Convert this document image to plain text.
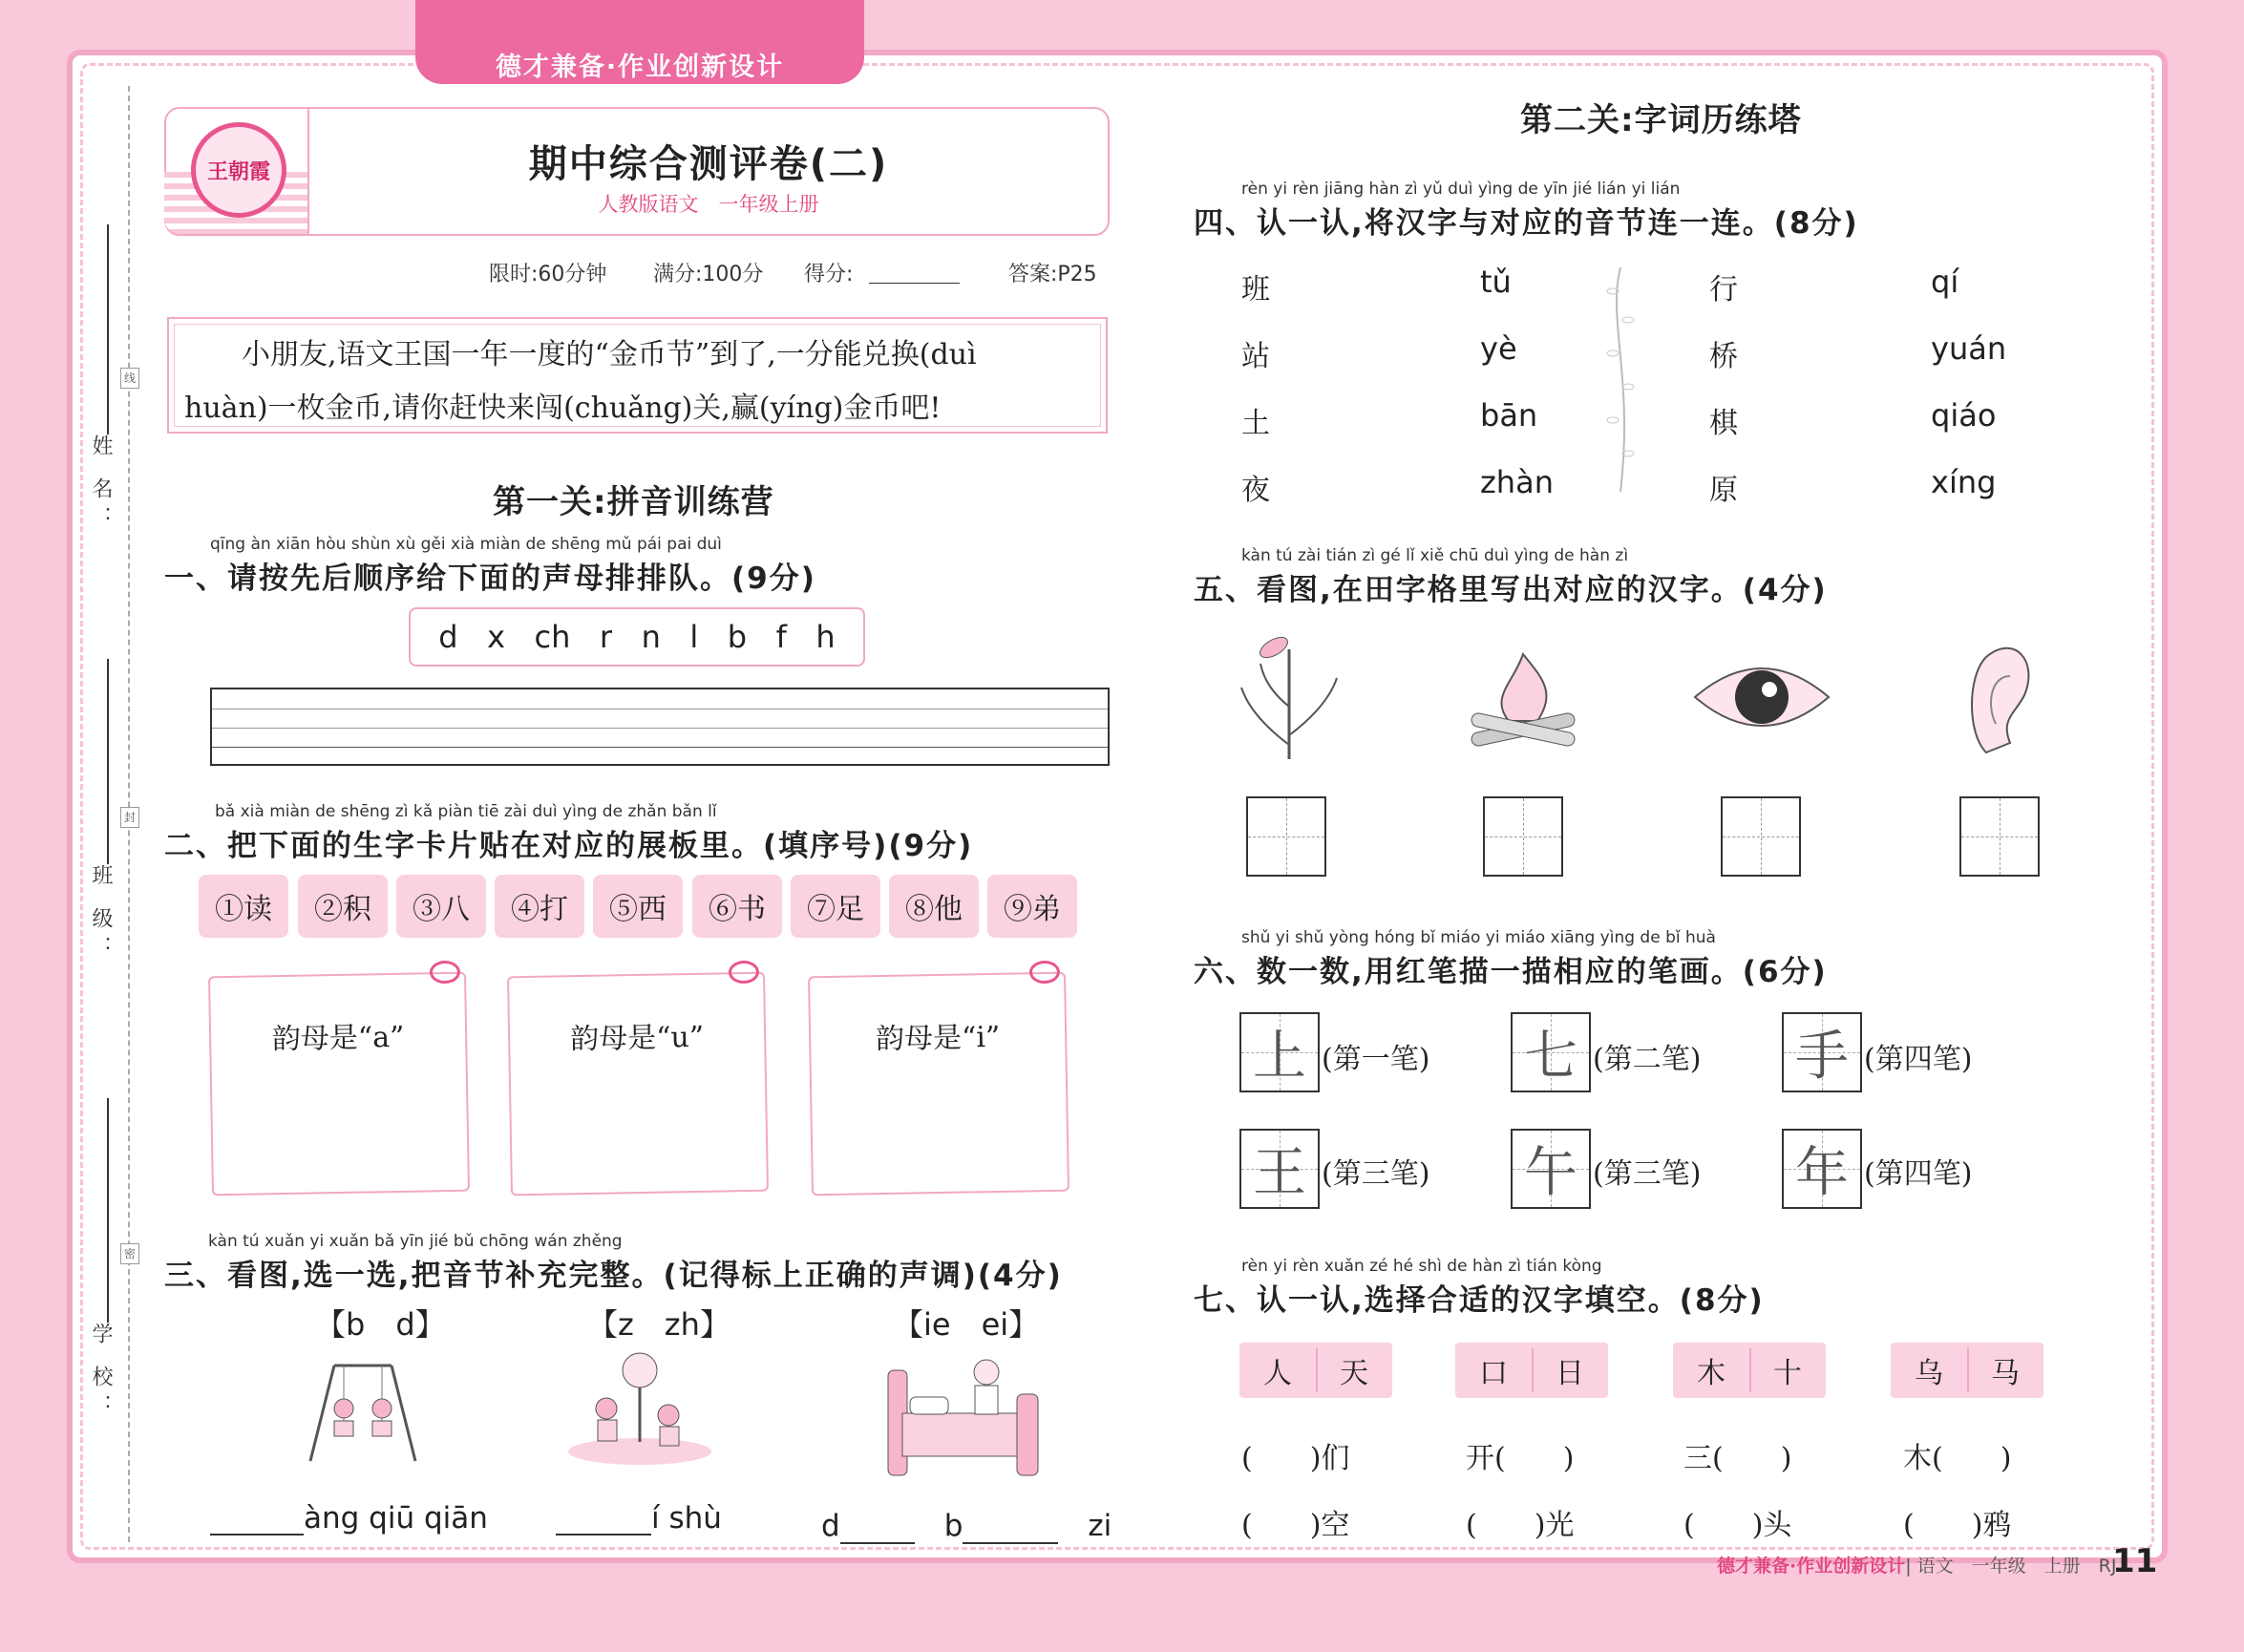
德才兼备·作业创新设计
姓 名：
班 级：
学 校：
线
封
密
王朝霞	期中综合测评卷(二)
人教版语文　一年级上册
限时:60分钟 满分:100分 得分:	答案:P25
　　小朋友,语文王国一年一度的“金币节”到了,一分能兑换(duì
huàn)一枚金币,请你赶快来闯(chuǎng)关,赢(yíng)金币吧!
第一关:拼音训练营
qīng àn xiān hòu shùn xù gěi xià miàn de shēng mǔ pái pai duì
一、请按先后顺序给下面的声母排排队。(9分)
d x ch r n l b f h
bǎ xià miàn de shēng zì kǎ piàn tiē zài duì yìng de zhǎn bǎn lǐ
二、把下面的生字卡片贴在对应的展板里。(填序号)(9分)
①读	②积	③八	④打	⑤西	⑥书	⑦足	⑧他	⑨弟
韵母是“a”	韵母是“u”	韵母是“i”
kàn tú xuǎn yi xuǎn bǎ yīn jié bǔ chōng wán zhěng
三、看图,选一选,把音节补充完整。(记得标上正确的声调)(4分)
【b　d】	【z　zh】	【ie　ei】
àng qiū qiān	í shù	d　	b　	zi
第二关:字词历练塔
rèn yi rèn jiāng hàn zì yǔ duì yìng de yīn jié lián yi lián
四、认一认,将汉字与对应的音节连一连。(8分)
班
站
土
夜
tǔ
yè
bān
zhàn
行
桥
棋
原
qí
yuán
qiáo
xíng
kàn tú zài tián zì gé lǐ xiě chū duì yìng de hàn zì
五、看图,在田字格里写出对应的汉字。(4分)
shǔ yi shǔ yòng hóng bǐ miáo yi miáo xiāng yìng de bǐ huà
六、数一数,用红笔描一描相应的笔画。(6分)
上 (第一笔) 七 (第二笔) 手 (第四笔)
王 (第三笔) 午 (第三笔) 年 (第四笔)
rèn yi rèn xuǎn zé hé shì de hàn zì tián kòng
七、认一认,选择合适的汉字填空。(8分)
人 天	口 日	木 十	乌 马
(　　)们	开(　　)	三(　　)	木(　　)
(　　)空	(　　)光	(　　)头	(　　)鸦
德才兼备·作业创新设计| 语文　一年级　上册　RJ
11
